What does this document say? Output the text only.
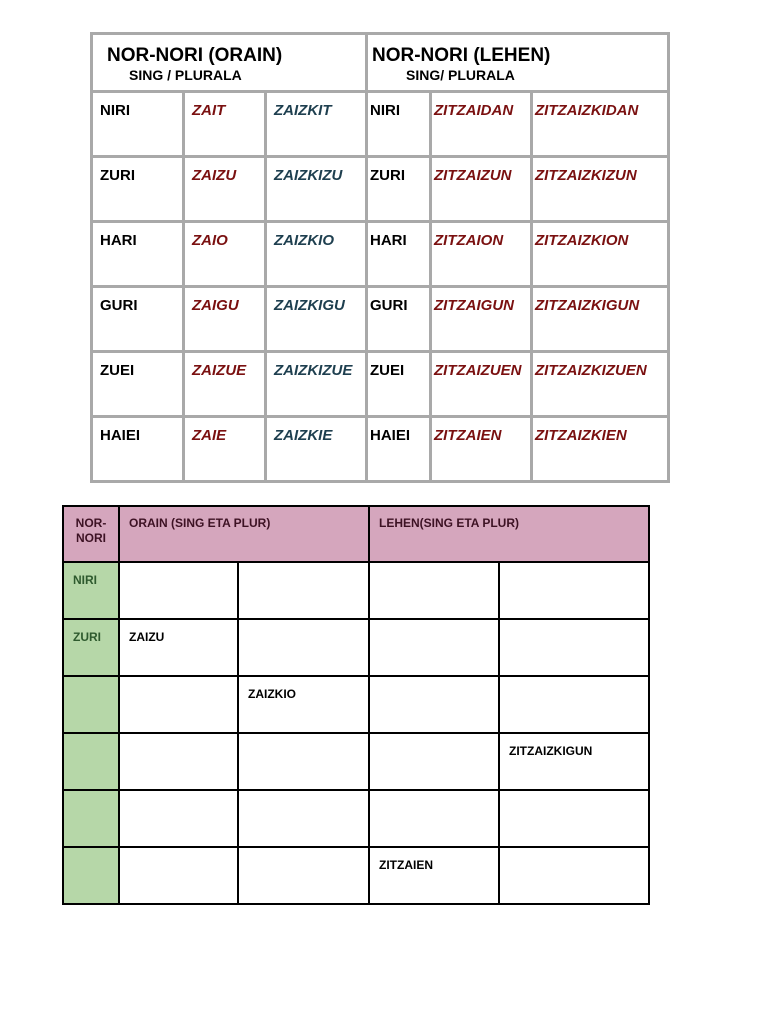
NOR-NORI (ORAIN)
SING / PLURALA			NOR-NORI (LEHEN)
SING/ PLURALA		

NIRI	ZAIT	ZAIZKIT	NIRI	ZITZAIDAN	ZITZAIZKIDAN
ZURI	ZAIZU	ZAIZKIZU	ZURI	ZITZAIZUN	ZITZAIZKIZUN
HARI	ZAIO	ZAIZKIO	HARI	ZITZAION	ZITZAIZKION
GURI	ZAIGU	ZAIZKIGU	GURI	ZITZAIGUN	ZITZAIZKIGUN
ZUEI	ZAIZUE	ZAIZKIZUE	ZUEI	ZITZAIZUEN	ZITZAIZKIZUEN
HAIEI	ZAIE	ZAIZKIE	HAIEI	ZITZAIEN	ZITZAIZKIEN
NOR-
NORI	ORAIN (SING ETA PLUR)		LEHEN(SING ETA PLUR)	
NIRI				
ZURI	ZAIZU			
		ZAIZKIO		
				ZITZAIZKIGUN

			ZITZAIEN	
